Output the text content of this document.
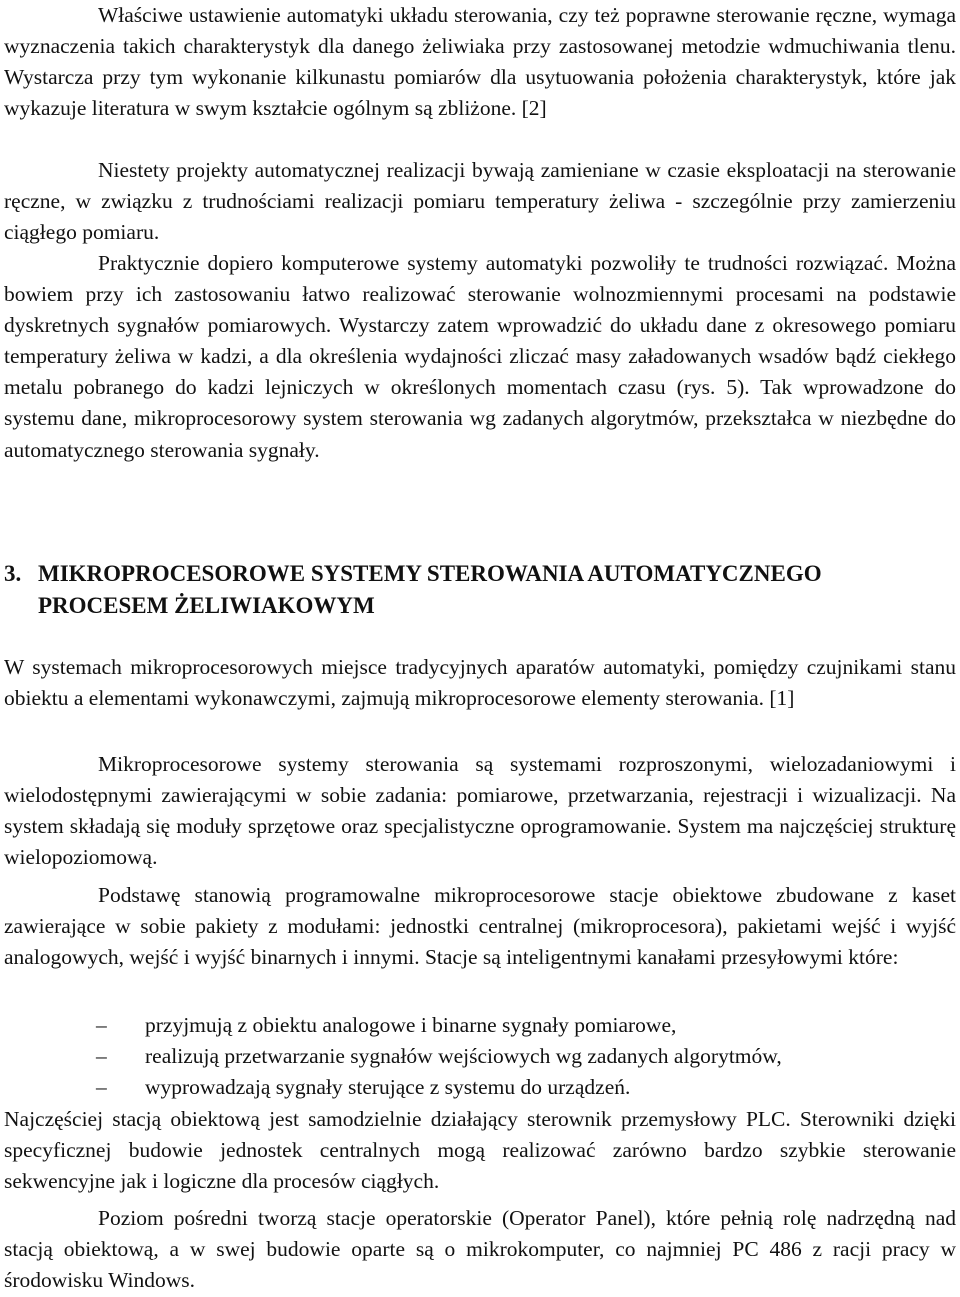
Właściwe ustawienie automatyki układu sterowania, czy też poprawne sterowanie ręczne, wymaga wyznaczenia takich charakterystyk dla danego żeliwiaka przy zastosowanej metodzie wdmuchiwania tlenu. Wystarcza przy tym wykonanie kilkunastu pomiarów dla usytuowania położenia charakterystyk, które jak wykazuje literatura w swym kształcie ogólnym są zbliżone. [2]

Niestety projekty automatycznej realizacji bywają zamieniane w czasie eksploatacji na sterowanie ręczne, w związku z trudnościami realizacji pomiaru temperatury żeliwa - szczególnie przy zamierzeniu ciągłego pomiaru.

Praktycznie dopiero komputerowe systemy automatyki pozwoliły te trudności rozwiązać. Można bowiem przy ich zastosowaniu łatwo realizować sterowanie wolnozmiennymi procesami na podstawie dyskretnych sygnałów pomiarowych. Wystarczy zatem wprowadzić do układu dane z okresowego pomiaru temperatury żeliwa w kadzi, a dla określenia wydajności zliczać masy załadowanych wsadów bądź ciekłego metalu pobranego do kadzi lejniczych w określonych momentach czasu (rys. 5). Tak wprowadzone do systemu dane, mikroprocesorowy system sterowania wg zadanych algorytmów, przekształca w niezbędne do automatycznego sterowania sygnały.

3. MIKROPROCESOROWE SYSTEMY STEROWANIA AUTOMATYCZNEGO
PROCESEM ŻELIWIAKOWYM

W systemach mikroprocesorowych miejsce tradycyjnych aparatów automatyki, pomiędzy czujnikami stanu obiektu a elementami wykonawczymi, zajmują mikroprocesorowe elementy sterowania. [1]

Mikroprocesorowe systemy sterowania są systemami rozproszonymi, wielozadaniowymi i wielodostępnymi zawierającymi w sobie zadania: pomiarowe, przetwarzania, rejestracji i wizualizacji. Na system składają się moduły sprzętowe oraz specjalistyczne oprogramowanie. System ma najczęściej strukturę wielopoziomową.

Podstawę stanowią programowalne mikroprocesorowe stacje obiektowe zbudowane z kaset zawierające w sobie pakiety z modułami: jednostki centralnej (mikroprocesora), pakietami wejść i wyjść analogowych, wejść i wyjść binarnych i innymi. Stacje są inteligentnymi kanałami przesyłowymi które:

– przyjmują z obiektu analogowe i binarne sygnały pomiarowe,
– realizują przetwarzanie sygnałów wejściowych wg zadanych algorytmów,
– wyprowadzają sygnały sterujące z systemu do urządzeń.

Najczęściej stacją obiektową jest samodzielnie działający sterownik przemysłowy PLC. Sterowniki dzięki specyficznej budowie jednostek centralnych mogą realizować zarówno bardzo szybkie sterowanie sekwencyjne jak i logiczne dla procesów ciągłych.

Poziom pośredni tworzą stacje operatorskie (Operator Panel), które pełnią rolę nadrzędną nad stacją obiektową, a w swej budowie oparte są o mikrokomputer, co najmniej PC 486 z racji pracy w środowisku Windows.
